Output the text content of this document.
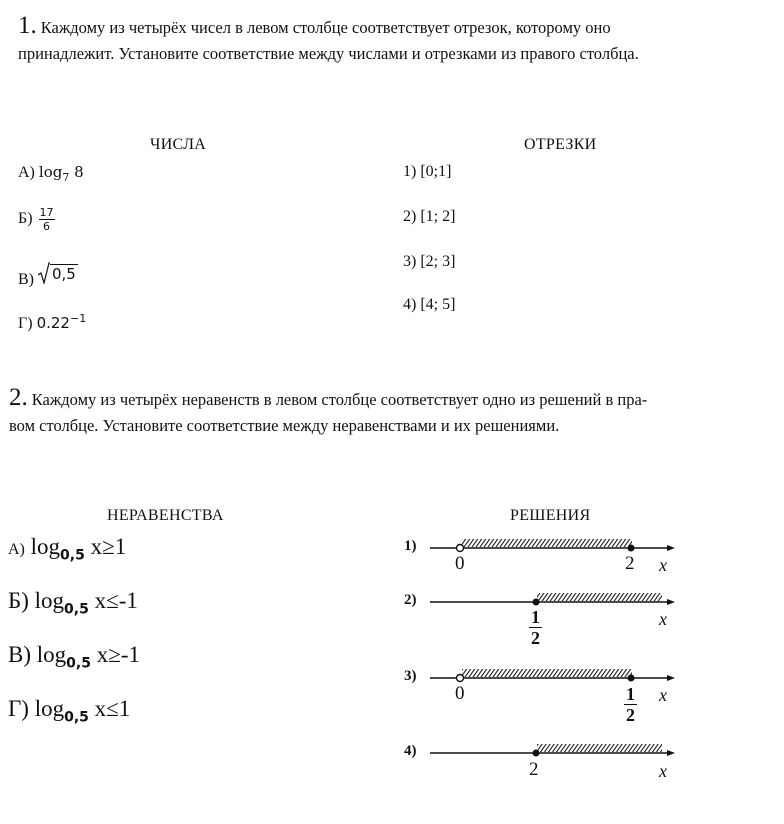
1. Каждому из четырёх чисел в левом столбце соответствует отрезок, которому оно
принадлежит. Установите соответствие между числами и отрезками из правого столбца.
ЧИСЛА	ОТРЕЗКИ
А) $\log_7 8$
$Б) \frac{17}{6}$
В) 0,5
Г) $0.22^{-1}$
1) [0;1]
2) [1; 2]
3) [2; 3]
4) [4; 5]
2. Каждому из четырёх неравенств в левом столбце соответствует одно из решений в пра-
вом столбце. Установите соответствие между неравенствами и их решениями.
НЕРАВЕНСТВА	РЕШЕНИЯ
А) $\log_{0,5} x\ge 1$
Б) $\log_{0,5} x\le-1$
В) $\log_{0,5} x\ge-1$
Г) $\log_{0,5} x\le 1$
1)
0	2 x
2)
$\frac{1}{2}$	x
3)
0	$\frac{1}{2}$ x
4)
2	x
